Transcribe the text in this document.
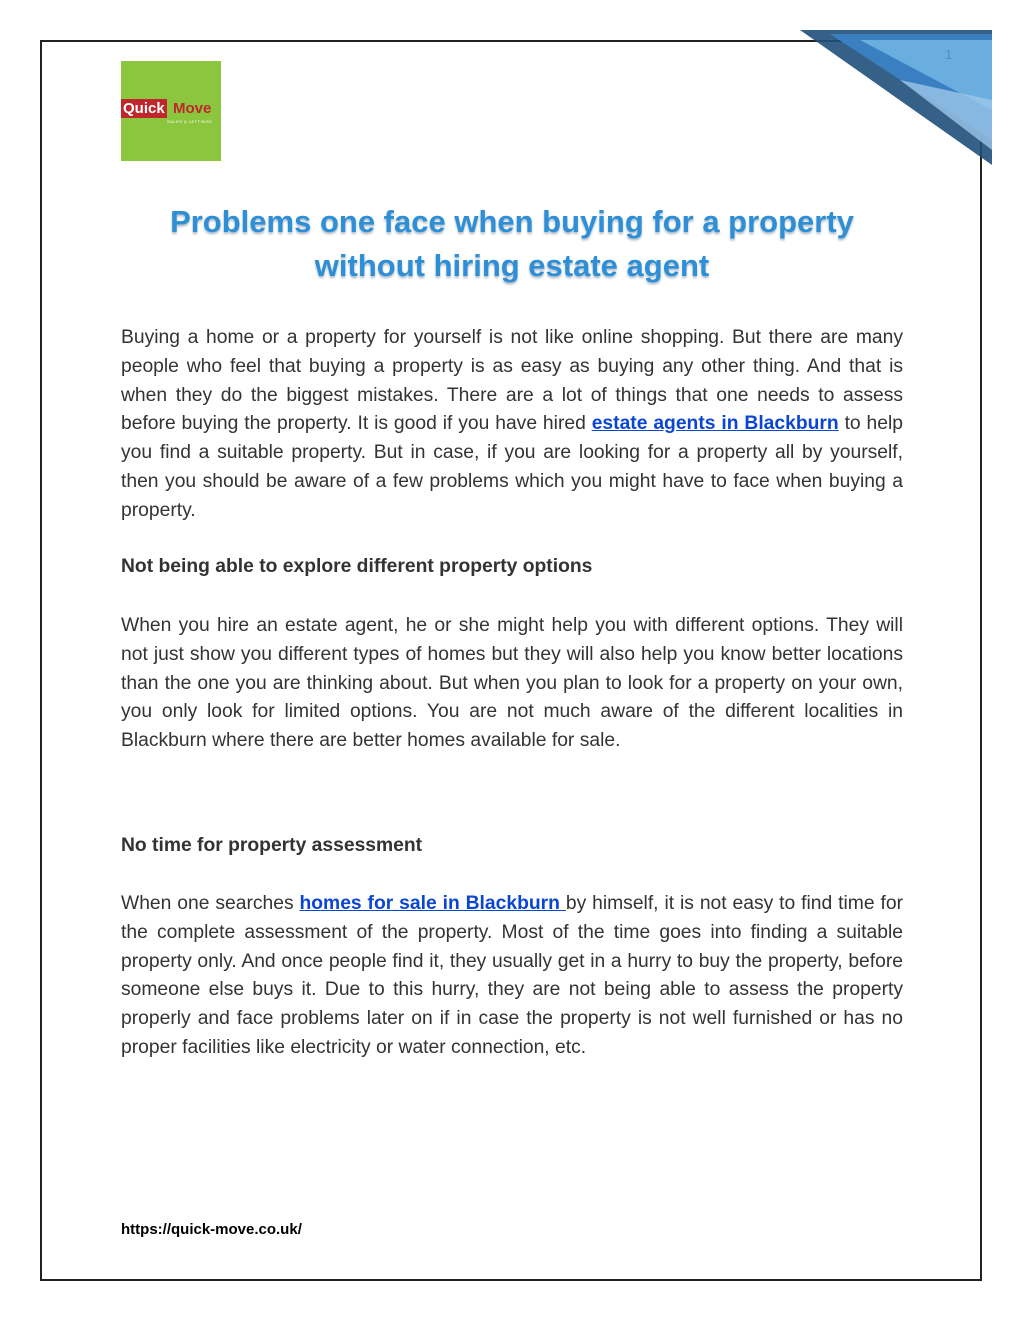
1
Quick Move
SALES & LETTINGS
Problems one face when buying for a property without hiring estate agent

Buying a home or a property for yourself is not like online shopping. But there are many people who feel that buying a property is as easy as buying any other thing. And that is when they do the biggest mistakes. There are a lot of things that one needs to assess before buying the property. It is good if you have hired estate agents in Blackburn to help you find a suitable property. But in case, if you are looking for a property all by yourself, then you should be aware of a few problems which you might have to face when buying a property.

Not being able to explore different property options

When you hire an estate agent, he or she might help you with different options. They will not just show you different types of homes but they will also help you know better locations than the one you are thinking about. But when you plan to look for a property on your own, you only look for limited options. You are not much aware of the different localities in Blackburn where there are better homes available for sale.

No time for property assessment

When one searches homes for sale in Blackburn by himself, it is not easy to find time for the complete assessment of the property. Most of the time goes into finding a suitable property only. And once people find it, they usually get in a hurry to buy the property, before someone else buys it. Due to this hurry, they are not being able to assess the property properly and face problems later on if in case the property is not well furnished or has no proper facilities like electricity or water connection, etc.

https://quick-move.co.uk/
